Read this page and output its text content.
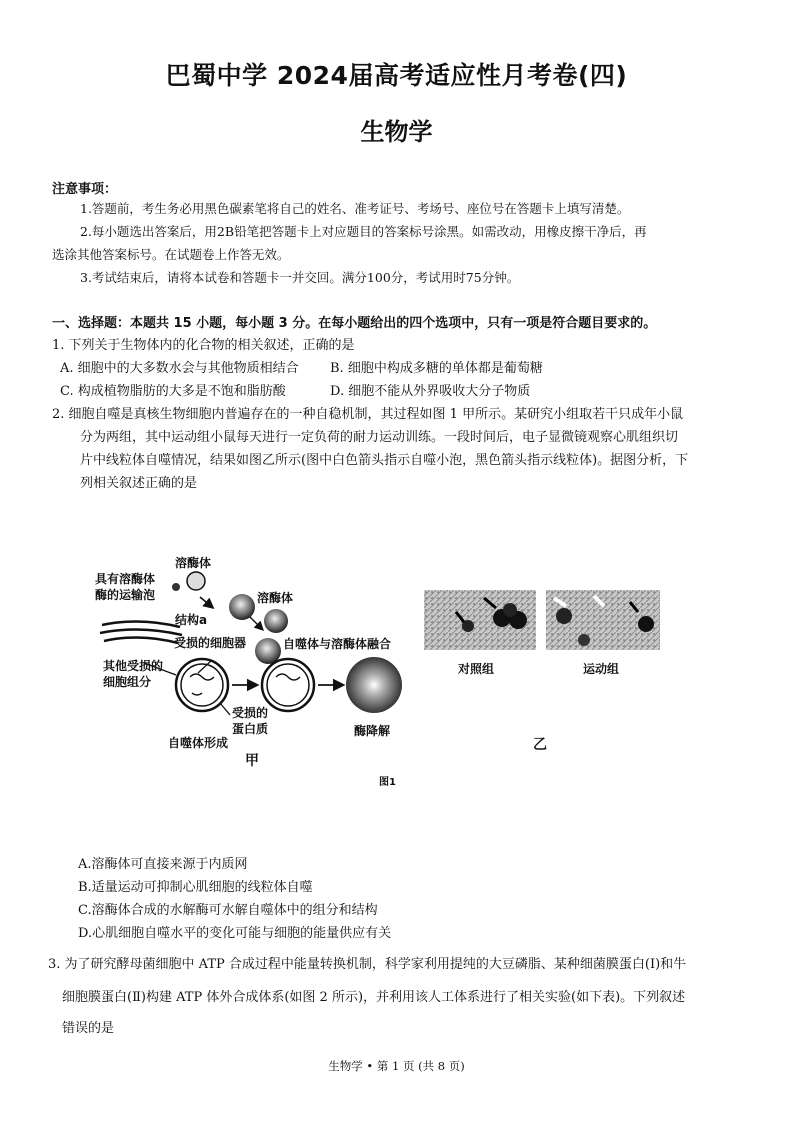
巴蜀中学 2024届高考适应性月考卷(四)
生物学
注意事项：
1.答题前，考生务必用黑色碳素笔将自己的姓名、准考证号、考场号、座位号在答题卡上填写清楚。
2.每小题选出答案后，用2B铅笔把答题卡上对应题目的答案标号涂黑。如需改动，用橡皮擦干净后，再
选涂其他答案标号。在试题卷上作答无效。
3.考试结束后，请将本试卷和答题卡一并交回。满分100分，考试用时75分钟。
一、选择题：本题共 15 小题，每小题 3 分。在每小题给出的四个选项中，只有一项是符合题目要求的。
1. 下列关于生物体内的化合物的相关叙述，正确的是
A. 细胞中的大多数水会与其他物质相结合 B. 细胞中构成多糖的单体都是葡萄糖
C. 构成植物脂肪的大多是不饱和脂肪酸	D. 细胞不能从外界吸收大分子物质
2. 细胞自噬是真核生物细胞内普遍存在的一种自稳机制，其过程如图 1 甲所示。某研究小组取若干只成年小鼠
分为两组，其中运动组小鼠每天进行一定负荷的耐力运动训练。一段时间后，电子显微镜观察心肌组织切
片中线粒体自噬情况，结果如图乙所示(图中白色箭头指示自噬小泡，黑色箭头指示线粒体)。据图分析，下
列相关叙述正确的是
具有溶酶体
酶的运输泡
溶酶体
溶酶体
结构a
受损的细胞器	自噬体与溶酶体融合
其他受损的
细胞组分
受损的
蛋白质	酶降解
自噬体形成
甲
对照组	运动组
乙
图1
A.溶酶体可直接来源于内质网
B.适量运动可抑制心肌细胞的线粒体自噬
C.溶酶体合成的水解酶可水解自噬体中的组分和结构
D.心肌细胞自噬水平的变化可能与细胞的能量供应有关
3. 为了研究酵母菌细胞中 ATP 合成过程中能量转换机制，科学家利用提纯的大豆磷脂、某种细菌膜蛋白(Ⅰ)和牛
细胞膜蛋白(Ⅱ)构建 ATP 体外合成体系(如图 2 所示)，并利用该人工体系进行了相关实验(如下表)。下列叙述
错误的是
生物学 • 第 1 页 (共 8 页)
